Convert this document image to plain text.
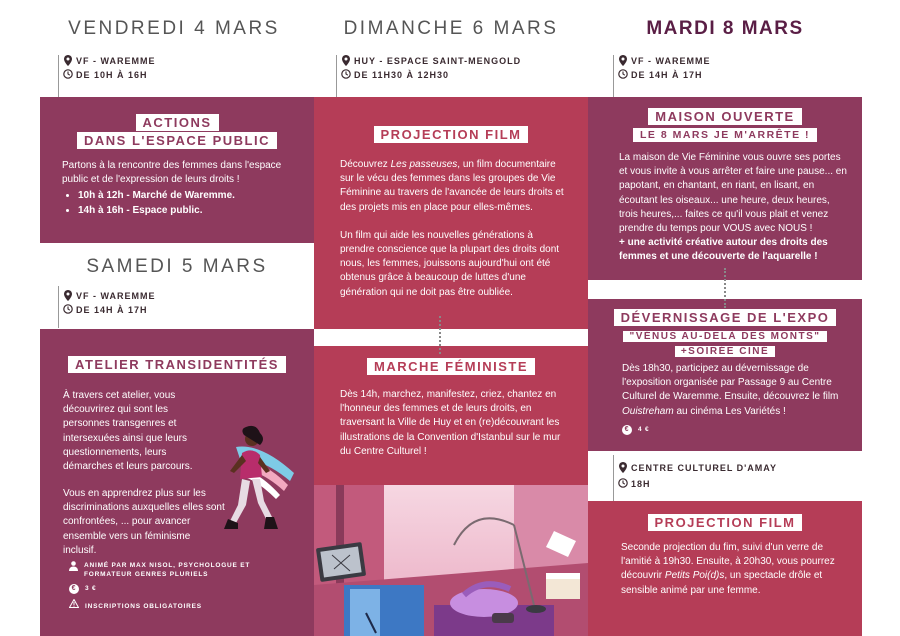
VENDREDI 4 MARS	DIMANCHE 6 MARS	MARDI 8 MARS
VF - WAREMME
DE 10H À 16H
HUY - ESPACE SAINT-MENGOLD
DE 11H30 À 12H30
VF - WAREMME
DE 14H À 17H
ACTIONS
DANS L'ESPACE PUBLIC
Partons à la rencontre des femmes dans l'espace public et de l'expression de leurs droits !
• 10h à 12h - Marché de Waremme.
• 14h à 16h - Espace public.
PROJECTION FILM
Découvrez Les passeuses, un film documentaire sur le vécu des femmes dans les groupes de Vie Féminine au travers de l'avancée de leurs droits et des projets mis en place pour elles-mêmes.
Un film qui aide les nouvelles générations à prendre conscience que la plupart des droits dont nous, les femmes, jouissons aujourd'hui ont été obtenus grâce à beaucoup de luttes d'une génération qui ne doit pas être oubliée.
MAISON OUVERTE
LE 8 MARS JE M'ARRÊTE !
La maison de Vie Féminine vous ouvre ses portes et vous invite à vous arrêter et faire une pause... en papotant, en chantant, en riant, en lisant, en écoutant les oiseaux... une heure, deux heures, trois heures,... faites ce qu'il vous plait et venez prendre du temps pour VOUS avec NOUS !
+ une activité créative autour des droits des femmes et une découverte de l'aquarelle !
SAMEDI 5 MARS
VF - WAREMME
DE 14H À 17H	DÉVERNISSAGE DE L'EXPO
"VÉNUS AU-DELÀ DES MONTS"
+SOIRÉE CINÉ
Dès 18h30, participez au dévernissage de l'exposition organisée par Passage 9 au Centre Culturel de Waremme. Ensuite, découvrez le film Ouistreham au cinéma Les Variétés !
€	4 €
CENTRE CULTUREL D'AMAY
18H
PROJECTION FILM
Seconde projection du fim, suivi d'un verre de l'amitié à 19h30. Ensuite, à 20h30, vous pourrez découvrir Petits Poi(d)s, un spectacle drôle et sensible animé par une femme.
ATELIER TRANSIDENTITÉS
À travers cet atelier, vous découvrirez qui sont les personnes transgenres et intersexuées ainsi que leurs questionnements, leurs démarches et leurs parcours.
Vous en apprendrez plus sur les discriminations auxquelles elles sont confrontées, ... pour avancer ensemble vers un féminisme inclusif.
ANIMÉ PAR MAX NISOL, PSYCHOLOGUE ET FORMATEUR GENRES PLURIELS
€	3 €
INSCRIPTIONS OBLIGATOIRES
MARCHE FÉMINISTE
Dès 14h, marchez, manifestez, criez, chantez en l'honneur des femmes et de leurs droits, en traversant la Ville de Huy et en (re)découvrant les illustrations de la Convention d'Istanbul sur le mur du Centre Culturel !
